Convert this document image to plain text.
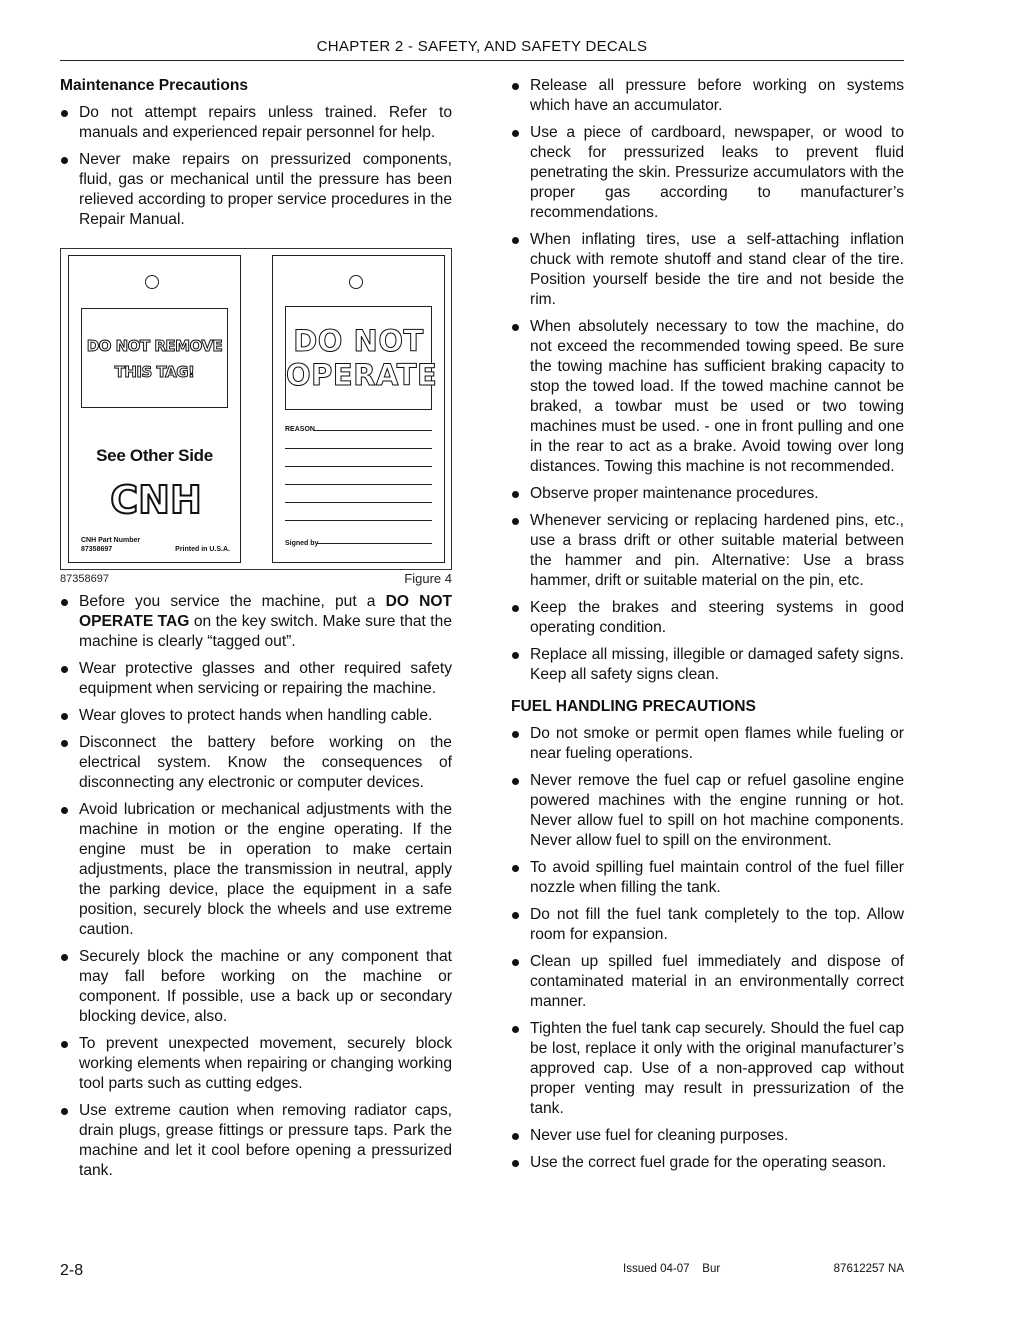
CHAPTER 2 - SAFETY, AND SAFETY DECALS
Maintenance Precautions
Do not attempt repairs unless trained. Refer to manuals and experienced repair personnel for help.
Never make repairs on pressurized components, fluid, gas or mechanical until the pressure has been relieved according to proper service procedures in the Repair Manual.
DO NOT REMOVE
THIS TAG!
See Other Side
CNH
CNH Part Number
87358697	Printed in U.S.A.
DO NOT
OPERATE
REASON
Signed by
87358697	Figure 4
Before you service the machine, put a DO NOT OPERATE TAG on the key switch. Make sure that the machine is clearly “tagged out”.
Wear protective glasses and other required safety equipment when servicing or repairing the machine.
Wear gloves to protect hands when handling cable.
Disconnect the battery before working on the electrical system. Know the consequences of disconnecting any electronic or computer devices.
Avoid lubrication or mechanical adjustments with the machine in motion or the engine operating. If the engine must be in operation to make certain adjustments, place the transmission in neutral, apply the parking device, place the equipment in a safe position, securely block the wheels and use extreme caution.
Securely block the machine or any component that may fall before working on the machine or component. If possible, use a back up or secondary blocking device, also.
To prevent unexpected movement, securely block working elements when repairing or changing working tool parts such as cutting edges.
Use extreme caution when removing radiator caps, drain plugs, grease fittings or pressure taps. Park the machine and let it cool before opening a pressurized tank.
Release all pressure before working on systems which have an accumulator.
Use a piece of cardboard, newspaper, or wood to check for pressurized leaks to prevent fluid penetrating the skin. Pressurize accumulators with the proper gas according to manufacturer’s recommendations.
When inflating tires, use a self-attaching inflation chuck with remote shutoff and stand clear of the tire. Position yourself beside the tire and not beside the rim.
When absolutely necessary to tow the machine, do not exceed the recommended towing speed. Be sure the towing machine has sufficient braking capacity to stop the towed load. If the towed machine cannot be braked, a towbar must be used or two towing machines must be used. - one in front pulling and one in the rear to act as a brake. Avoid towing over long distances. Towing this machine is not recommended.
Observe proper maintenance procedures.
Whenever servicing or replacing hardened pins, etc., use a brass drift or other suitable material between the hammer and pin. Alternative: Use a brass hammer, drift or suitable material on the pin, etc.
Keep the brakes and steering systems in good operating condition.
Replace all missing, illegible or damaged safety signs. Keep all safety signs clean.
FUEL HANDLING PRECAUTIONS
Do not smoke or permit open flames while fueling or near fueling operations.
Never remove the fuel cap or refuel gasoline engine powered machines with the engine running or hot. Never allow fuel to spill on hot machine components. Never allow fuel to spill on the environment.
To avoid spilling fuel maintain control of the fuel filler nozzle when filling the tank.
Do not fill the fuel tank completely to the top. Allow room for expansion.
Clean up spilled fuel immediately and dispose of contaminated material in an environmentally correct manner.
Tighten the fuel tank cap securely. Should the fuel cap be lost, replace it only with the original manufacturer’s approved cap. Use of a non-approved cap without proper venting may result in pressurization of the tank.
Never use fuel for cleaning purposes.
Use the correct fuel grade for the operating season.
2-8	Issued 04-07    Bur	87612257 NA
